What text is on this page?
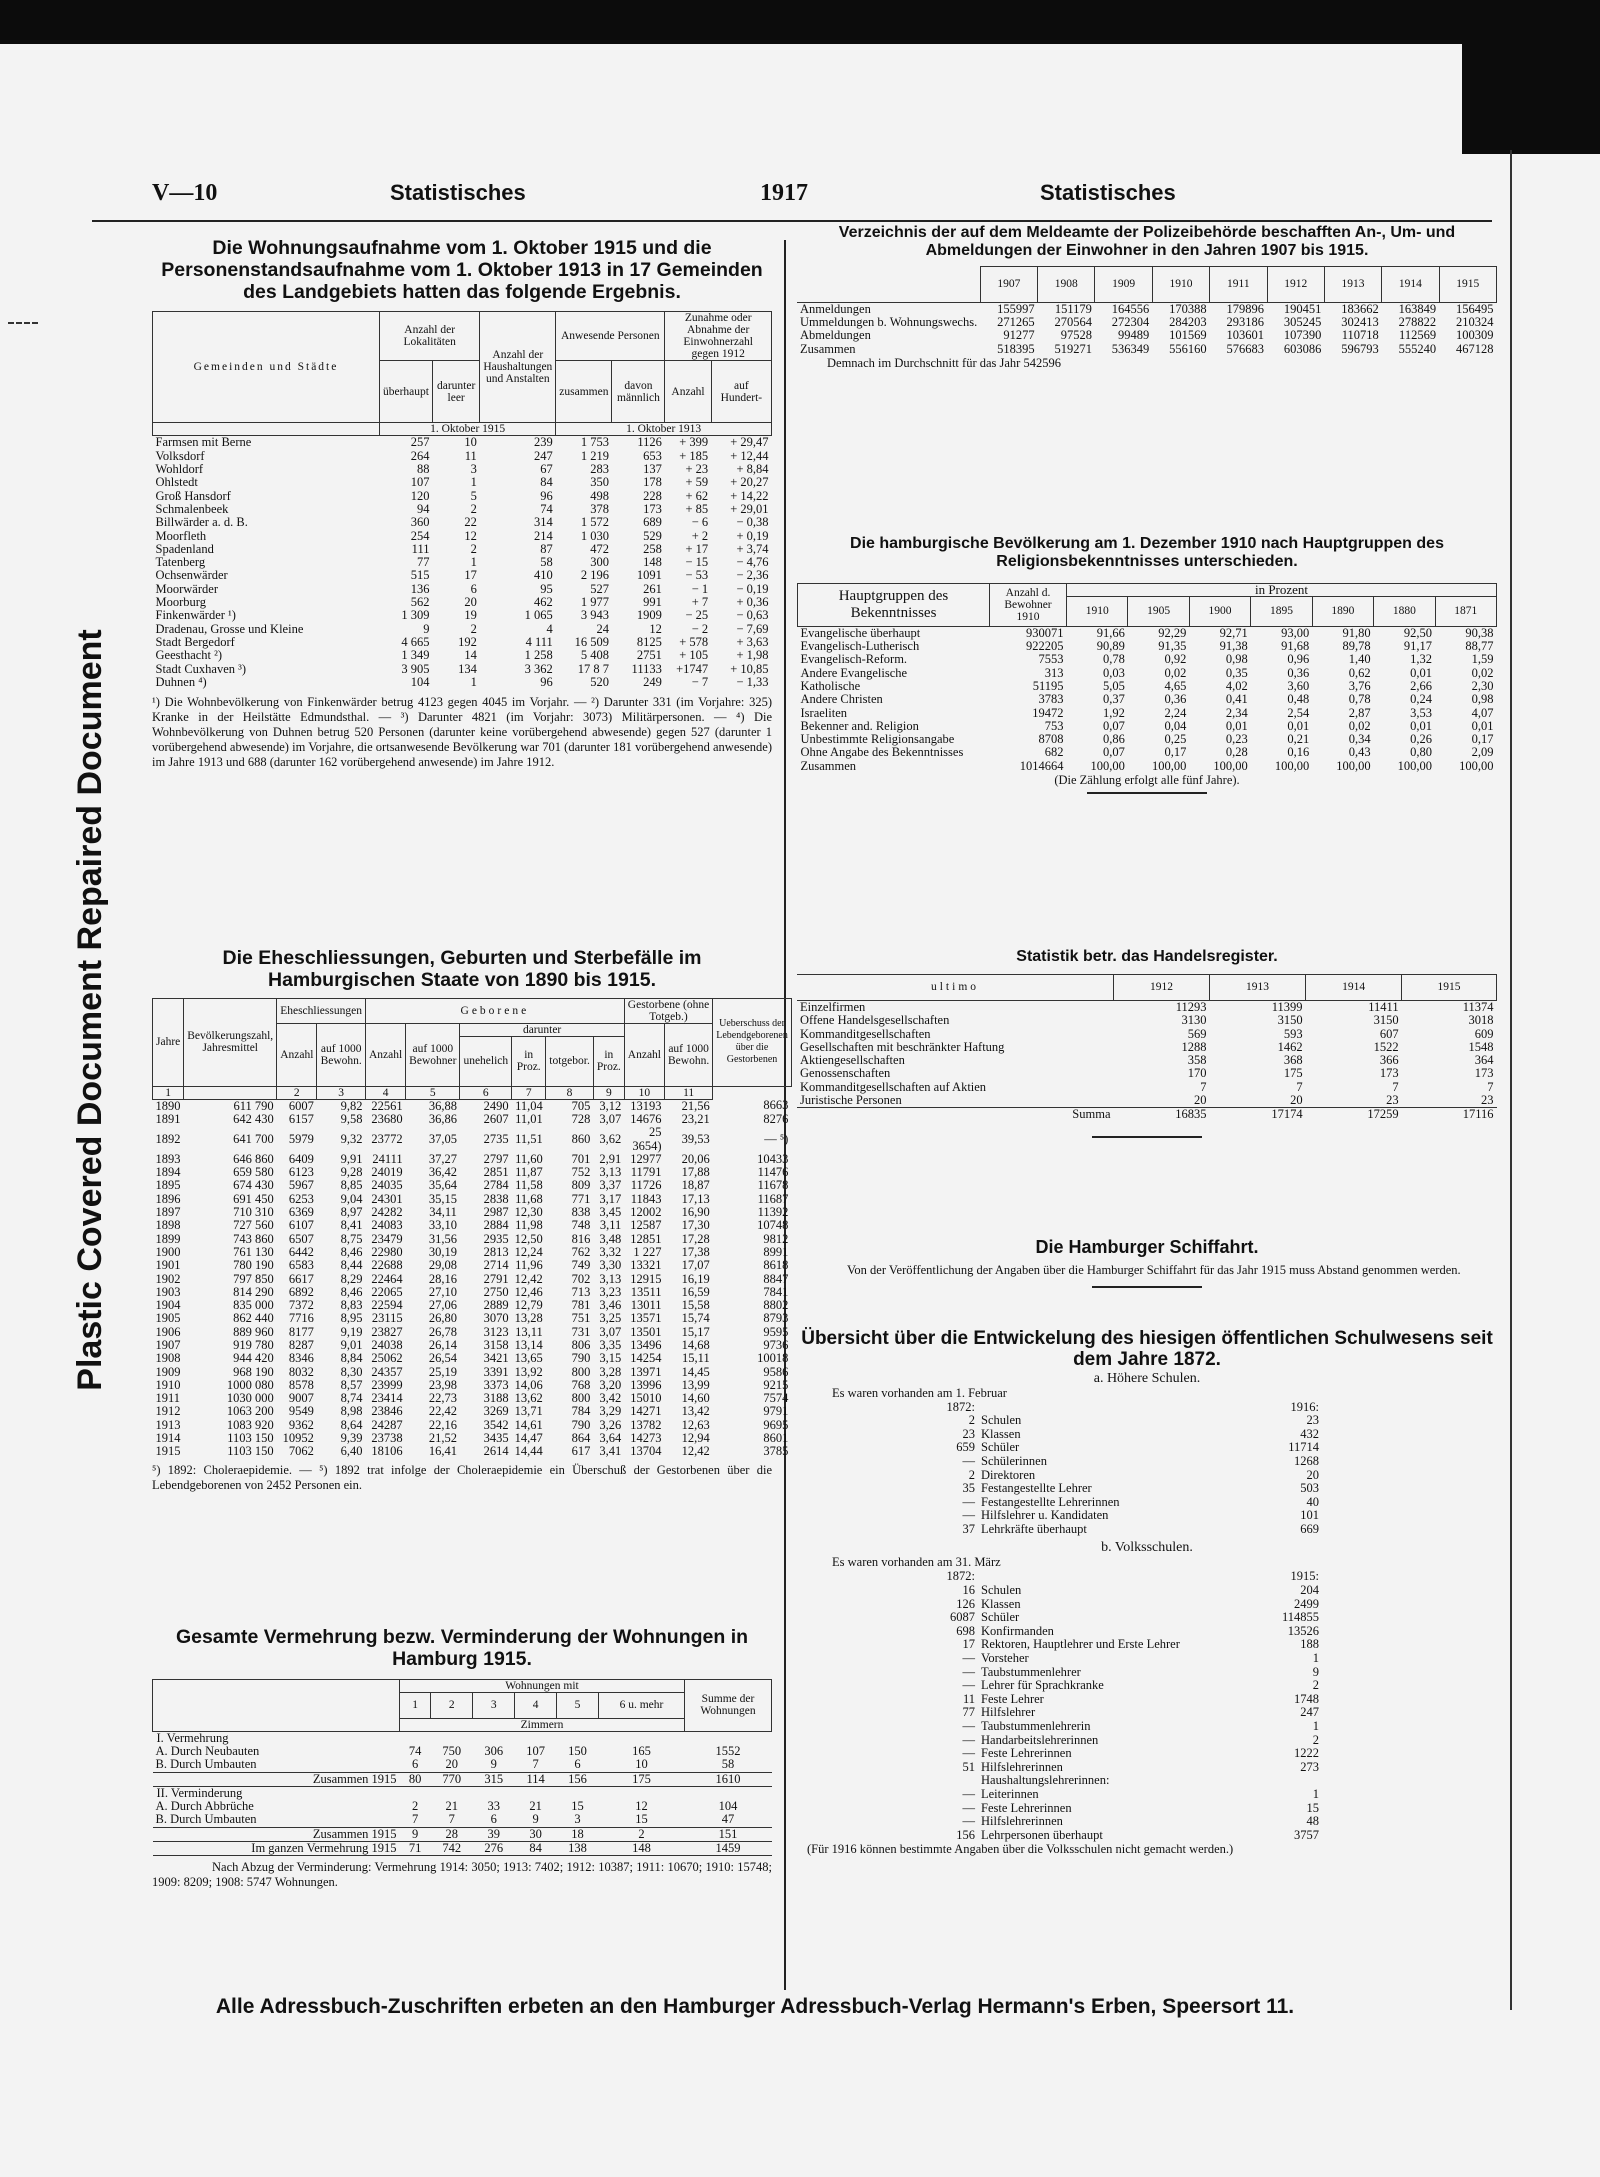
Plastic Covered Document Repaired Document
V—10	Statistisches	1917	Statistisches

Die Wohnungsaufnahme vom 1. Oktober 1915 und die Personenstandsaufnahme vom 1. Oktober 1913 in 17 Gemeinden des Landgebiets hatten das folgende Ergebnis.

Gemeinden und Städte	Anzahl der Lokalitäten		Anzahl der Haushaltungen und Anstalten	Anwesende Personen		Zunahme oder Abnahme der Einwohnerzahl gegen 1912	
	überhaupt	darunter leer		zusammen	davon männlich	Anzahl	auf Hundert-
	1. Oktober 1915			1. Oktober 1913			
Farmsen mit Berne	257	10	239	1 753	1126	+ 399	+ 29,47
Volksdorf	264	11	247	1 219	653	+ 185	+ 12,44
Wohldorf	88	3	67	283	137	+ 23	+ 8,84
Ohlstedt	107	1	84	350	178	+ 59	+ 20,27
Groß Hansdorf	120	5	96	498	228	+ 62	+ 14,22
Schmalenbeek	94	2	74	378	173	+ 85	+ 29,01
Billwärder a. d. B.	360	22	314	1 572	689	− 6	− 0,38
Moorfleth	254	12	214	1 030	529	+ 2	+ 0,19
Spadenland	111	2	87	472	258	+ 17	+ 3,74
Tatenberg	77	1	58	300	148	− 15	− 4,76
Ochsenwärder	515	17	410	2 196	1091	− 53	− 2,36
Moorwärder	136	6	95	527	261	− 1	− 0,19
Moorburg	562	20	462	1 977	991	+ 7	+ 0,36
Finkenwärder ¹)	1 309	19	1 065	3 943	1909	− 25	− 0,63
Dradenau, Grosse und Kleine	9	2	4	24	12	− 2	− 7,69
Stadt Bergedorf	4 665	192	4 111	16 509	8125	+ 578	+ 3,63
Geesthacht ²)	1 349	14	1 258	5 408	2751	+ 105	+ 1,98
Stadt Cuxhaven ³)	3 905	134	3 362	17 8 7	11133	+1747	+ 10,85
Duhnen ⁴)	104	1	96	520	249	− 7	− 1,33

¹) Die Wohnbevölkerung von Finkenwärder betrug 4123 gegen 4045 im Vorjahr. — ²) Darunter 331 (im Vorjahre: 325) Kranke in der Heilstätte Edmundsthal. — ³) Darunter 4821 (im Vorjahr: 3073) Militärpersonen. — ⁴) Die Wohnbevölkerung von Duhnen betrug 520 Personen (darunter keine vorübergehend abwesende) gegen 527 (darunter 1 vorübergehend abwesende) im Vorjahre, die ortsanwesende Bevölkerung war 701 (darunter 181 vorübergehend anwesende) im Jahre 1913 und 688 (darunter 162 vorübergehend anwesende) im Jahre 1912.

Die Eheschliessungen, Geburten und Sterbefälle im Hamburgischen Staate von 1890 bis 1915.

Jahre	Bevölkerungszahl, Jahresmittel	Eheschliessungen		Geborene						Gestorbene (ohne Totgeb.)		Ueberschuss der Lebendgeborenen über die Gestorbenen
		Anzahl	auf 1000 Bewohn.	Anzahl	auf 1000 Bewohner	darunter				Anzahl	auf 1000 Bewohn.	
						unehelich	in Proz.	totgebor.	in Proz.			
1		2	3	4	5	6	7	8	9	10	11	
1890	611 790	6007	9,82	22561	36,88	2490	11,04	705	3,12	13193	21,56	8663
1891	642 430	6157	9,58	23680	36,86	2607	11,01	728	3,07	14676	23,21	8276
1892	641 700	5979	9,32	23772	37,05	2735	11,51	860	3,62	25 3654)	39,53	— ⁵)
1893	646 860	6409	9,91	24111	37,27	2797	11,60	701	2,91	12977	20,06	10433
1894	659 580	6123	9,28	24019	36,42	2851	11,87	752	3,13	11791	17,88	11476
1895	674 430	5967	8,85	24035	35,64	2784	11,58	809	3,37	11726	18,87	11678
1896	691 450	6253	9,04	24301	35,15	2838	11,68	771	3,17	11843	17,13	11687
1897	710 310	6369	8,97	24282	34,11	2987	12,30	838	3,45	12002	16,90	11392
1898	727 560	6107	8,41	24083	33,10	2884	11,98	748	3,11	12587	17,30	10748
1899	743 860	6507	8,75	23479	31,56	2935	12,50	816	3,48	12851	17,28	9812
1900	761 130	6442	8,46	22980	30,19	2813	12,24	762	3,32	1 227	17,38	8991
1901	780 190	6583	8,44	22688	29,08	2714	11,96	749	3,30	13321	17,07	8618
1902	797 850	6617	8,29	22464	28,16	2791	12,42	702	3,13	12915	16,19	8847
1903	814 290	6892	8,46	22065	27,10	2750	12,46	713	3,23	13511	16,59	7841
1904	835 000	7372	8,83	22594	27,06	2889	12,79	781	3,46	13011	15,58	8802
1905	862 440	7716	8,95	23115	26,80	3070	13,28	751	3,25	13571	15,74	8793
1906	889 960	8177	9,19	23827	26,78	3123	13,11	731	3,07	13501	15,17	9595
1907	919 780	8287	9,01	24038	26,14	3158	13,14	806	3,35	13496	14,68	9736
1908	944 420	8346	8,84	25062	26,54	3421	13,65	790	3,15	14254	15,11	10018
1909	968 190	8032	8,30	24357	25,19	3391	13,92	800	3,28	13971	14,45	9586
1910	1000 080	8578	8,57	23999	23,98	3373	14,06	768	3,20	13996	13,99	9215
1911	1030 000	9007	8,74	23414	22,73	3188	13,62	800	3,42	15010	14,60	7574
1912	1063 200	9549	8,98	23846	22,42	3269	13,71	784	3,29	14271	13,42	9791
1913	1083 920	9362	8,64	24287	22,16	3542	14,61	790	3,26	13782	12,63	9695
1914	1103 150	10952	9,39	23738	21,52	3435	14,47	864	3,64	14273	12,94	8601
1915	1103 150	7062	6,40	18106	16,41	2614	14,44	617	3,41	13704	12,42	3785

⁵) 1892: Choleraepidemie. — ⁵) 1892 trat infolge der Choleraepidemie ein Überschuß der Gestorbenen über die Lebendgeborenen von 2452 Personen ein.

Gesamte Vermehrung bezw. Verminderung der Wohnungen in Hamburg 1915.

	Wohnungen mit						Summe der Wohnungen
	1	2	3	4	5	6 u. mehr	
	Zimmern						
I. Vermehrung							
A. Durch Neubauten	74	750	306	107	150	165	1552
B. Durch Umbauten	6	20	9	7	6	10	58
Zusammen 1915	80	770	315	114	156	175	1610
II. Verminderung							
A. Durch Abbrüche	2	21	33	21	15	12	104
B. Durch Umbauten	7	7	6	9	3	15	47
Zusammen 1915	9	28	39	30	18	2	151
Im ganzen Vermehrung 1915	71	742	276	84	138	148	1459

Nach Abzug der Verminderung: Vermehrung 1914: 3050; 1913: 7402; 1912: 10387; 1911: 10670; 1910: 15748; 1909: 8209; 1908: 5747 Wohnungen.

Verzeichnis der auf dem Meldeamte der Polizeibehörde beschafften An-, Um- und Abmeldungen der Einwohner in den Jahren 1907 bis 1915.

	1907	1908	1909	1910	1911	1912	1913	1914	1915
Anmeldungen	155997	151179	164556	170388	179896	190451	183662	163849	156495
Ummeldungen b. Wohnungswechs.	271265	270564	272304	284203	293186	305245	302413	278822	210324
Abmeldungen	91277	97528	99489	101569	103601	107390	110718	112569	100309
Zusammen	518395	519271	536349	556160	576683	603086	596793	555240	467128

Demnach im Durchschnitt für das Jahr 542596

Die hamburgische Bevölkerung am 1. Dezember 1910 nach Hauptgruppen des Religionsbekenntnisses unterschieden.

Hauptgruppen des Bekenntnisses	Anzahl d. Bewohner 1910	in Prozent						
		1910	1905	1900	1895	1890	1880	1871
Evangelische überhaupt	930071	91,66	92,29	92,71	93,00	91,80	92,50	90,38
Evangelisch-Lutherisch	922205	90,89	91,35	91,38	91,68	89,78	91,17	88,77
Evangelisch-Reform.	7553	0,78	0,92	0,98	0,96	1,40	1,32	1,59
Andere Evangelische	313	0,03	0,02	0,35	0,36	0,62	0,01	0,02
Katholische	51195	5,05	4,65	4,02	3,60	3,76	2,66	2,30
Andere Christen	3783	0,37	0,36	0,41	0,48	0,78	0,24	0,98
Israeliten	19472	1,92	2,24	2,34	2,54	2,87	3,53	4,07
Bekenner and. Religion	753	0,07	0,04	0,01	0,01	0,02	0,01	0,01
Unbestimmte Religionsangabe	8708	0,86	0,25	0,23	0,21	0,34	0,26	0,17
Ohne Angabe des Bekenntnisses	682	0,07	0,17	0,28	0,16	0,43	0,80	2,09
Zusammen	1014664	100,00	100,00	100,00	100,00	100,00	100,00	100,00

(Die Zählung erfolgt alle fünf Jahre).

Statistik betr. das Handelsregister.

ultimo	1912	1913	1914	1915
Einzelfirmen	11293	11399	11411	11374
Offene Handelsgesellschaften	3130	3150	3150	3018
Kommanditgesellschaften	569	593	607	609
Gesellschaften mit beschränkter Haftung	1288	1462	1522	1548
Aktiengesellschaften	358	368	366	364
Genossenschaften	170	175	173	173
Kommanditgesellschaften auf Aktien	7	7	7	7
Juristische Personen	20	20	23	23
Summa	16835	17174	17259	17116

Die Hamburger Schiffahrt.

Von der Veröffentlichung der Angaben über die Hamburger Schiffahrt für das Jahr 1915 muss Abstand genommen werden.

Übersicht über die Entwickelung des hiesigen öffentlichen Schulwesens seit dem Jahre 1872.

a. Höhere Schulen.

Es waren vorhanden am 1. Februar

1872:		1916:
2	Schulen	23
23	Klassen	432
659	Schüler	11714
—	Schülerinnen	1268
2	Direktoren	20
35	Festangestellte Lehrer	503
—	Festangestellte Lehrerinnen	40
—	Hilfslehrer u. Kandidaten	101
37	Lehrkräfte überhaupt	669

b. Volksschulen.

Es waren vorhanden am 31. März

1872:		1915:
16	Schulen	204
126	Klassen	2499
6087	Schüler	114855
698	Konfirmanden	13526
17	Rektoren, Hauptlehrer und Erste Lehrer	188
—	Vorsteher	1
—	Taubstummenlehrer	9
—	Lehrer für Sprachkranke	2
11	Feste Lehrer	1748
77	Hilfslehrer	247
—	Taubstummenlehrerin	1
—	Handarbeitslehrerinnen	2
—	Feste Lehrerinnen	1222
51	Hilfslehrerinnen	273
	Haushaltungslehrerinnen:	
—	Leiterinnen	1
—	Feste Lehrerinnen	15
—	Hilfslehrerinnen	48
156	Lehrpersonen überhaupt	3757

(Für 1916 können bestimmte Angaben über die Volksschulen nicht gemacht werden.)

Alle Adressbuch-Zuschriften erbeten an den Hamburger Adressbuch-Verlag Hermann's Erben, Speersort 11.
